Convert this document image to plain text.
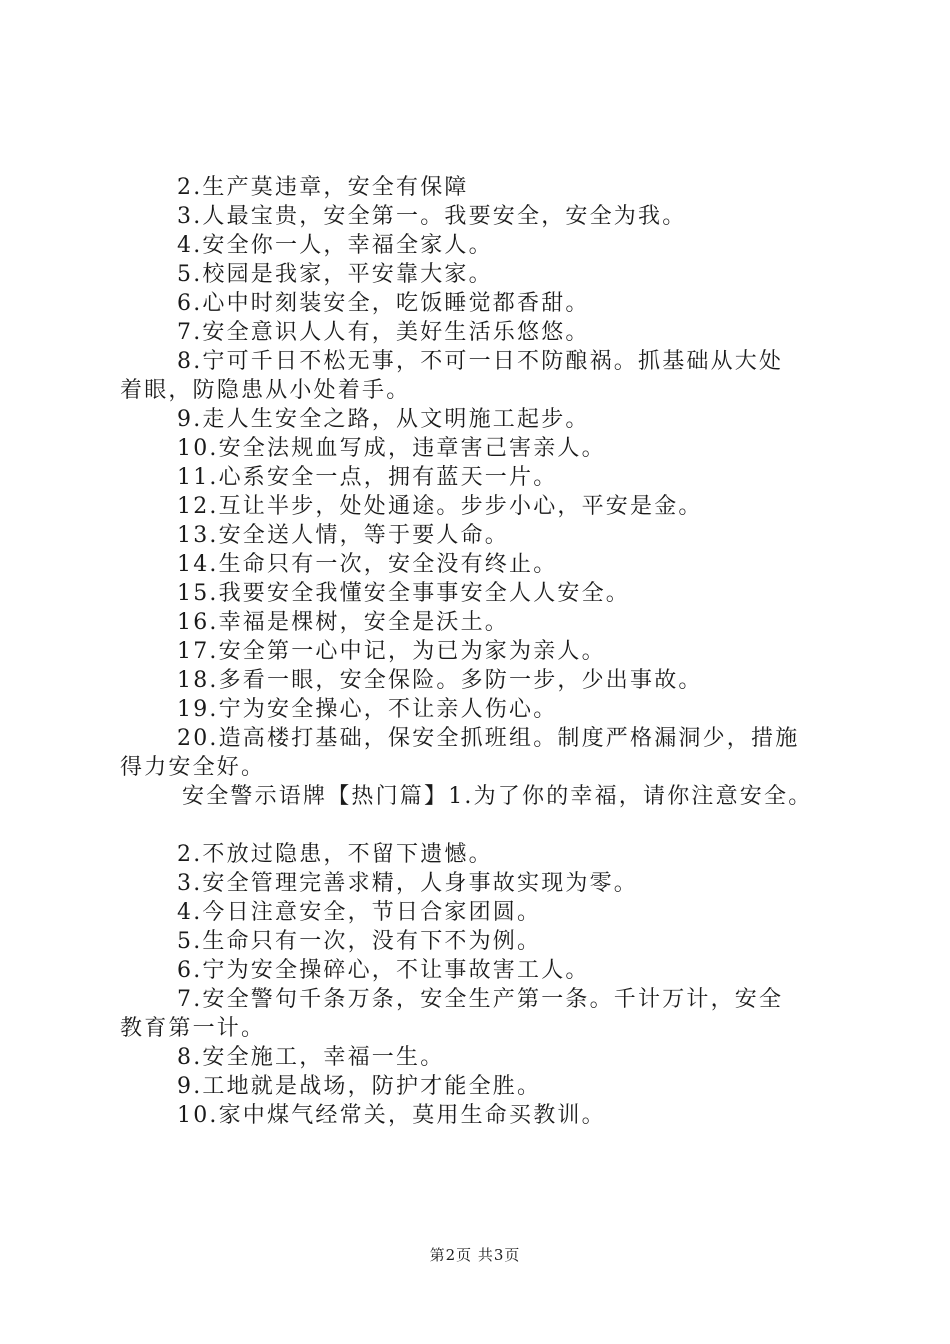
2.生产莫违章，安全有保障
3.人最宝贵，安全第一。我要安全，安全为我。
4.安全你一人，幸福全家人。
5.校园是我家，平安靠大家。
6.心中时刻装安全，吃饭睡觉都香甜。
7.安全意识人人有，美好生活乐悠悠。
8.宁可千日不松无事，不可一日不防酿祸。抓基础从大处
着眼，防隐患从小处着手。
9.走人生安全之路，从文明施工起步。
10.安全法规血写成，违章害己害亲人。
11.心系安全一点，拥有蓝天一片。
12.互让半步，处处通途。步步小心，平安是金。
13.安全送人情，等于要人命。
14.生命只有一次，安全没有终止。
15.我要安全我懂安全事事安全人人安全。
16.幸福是棵树，安全是沃土。
17.安全第一心中记，为已为家为亲人。
18.多看一眼，安全保险。多防一步，少出事故。
19.宁为安全操心，不让亲人伤心。
20.造高楼打基础，保安全抓班组。制度严格漏洞少，措施
得力安全好。
安全警示语牌【热门篇】1.为了你的幸福，请你注意安全。
2.不放过隐患，不留下遗憾。
3.安全管理完善求精，人身事故实现为零。
4.今日注意安全，节日合家团圆。
5.生命只有一次，没有下不为例。
6.宁为安全操碎心，不让事故害工人。
7.安全警句千条万条，安全生产第一条。千计万计，安全
教育第一计。
8.安全施工，幸福一生。
9.工地就是战场，防护才能全胜。
10.家中煤气经常关，莫用生命买教训。
第2页 共3页
